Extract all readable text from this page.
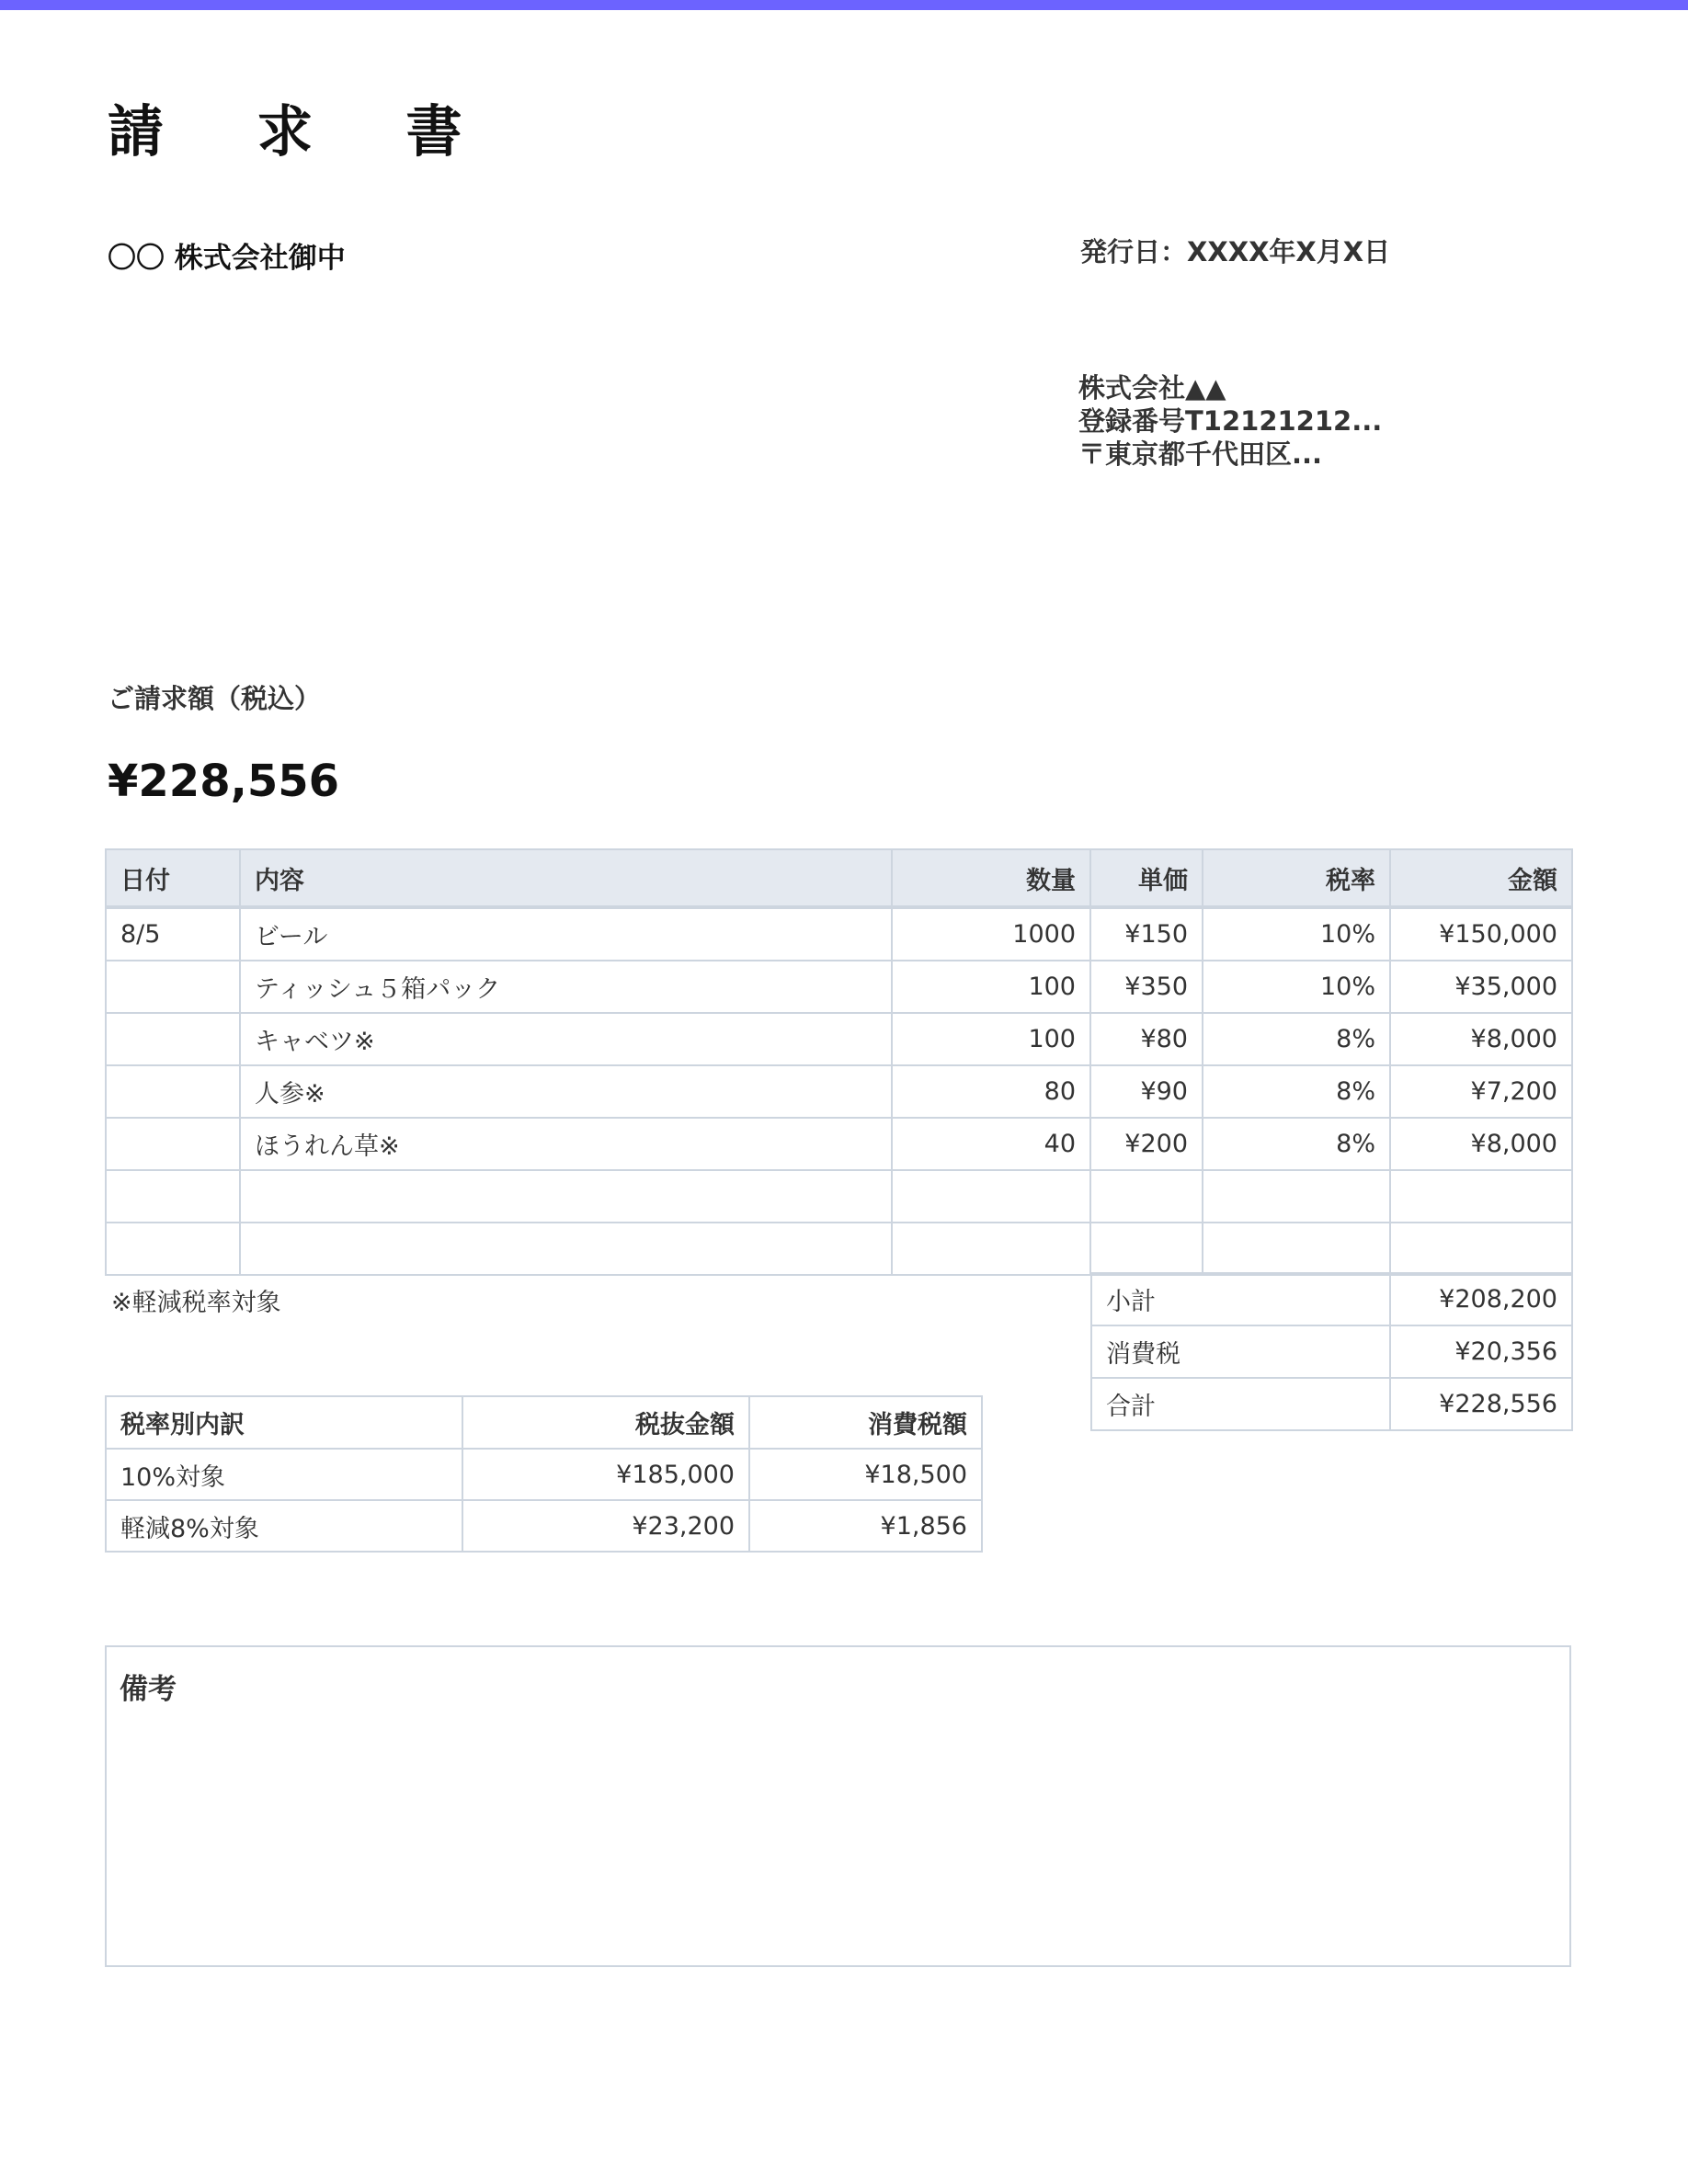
請 求 書
〇〇 株式会社御中	発行日：XXXX年X月X日
株式会社▲▲
登録番号T12121212...
〒東京都千代田区...
ご請求額（税込）
¥228,556
日付	内容	数量	単価	税率	金額
8/5	ビール	1000	¥150	10%	¥150,000
	ティッシュ５箱パック	100	¥350	10%	¥35,000
	キャベツ※	100	¥80	8%	¥8,000
	人参※	80	¥90	8%	¥7,200
	ほうれん草※	40	¥200	8%	¥8,000

※軽減税率対象	小計	¥208,200
消費税	¥20,356
合計	¥228,556
税率別内訳	税抜金額	消費税額
10%対象	¥185,000	¥18,500
軽減8%対象	¥23,200	¥1,856
備考
